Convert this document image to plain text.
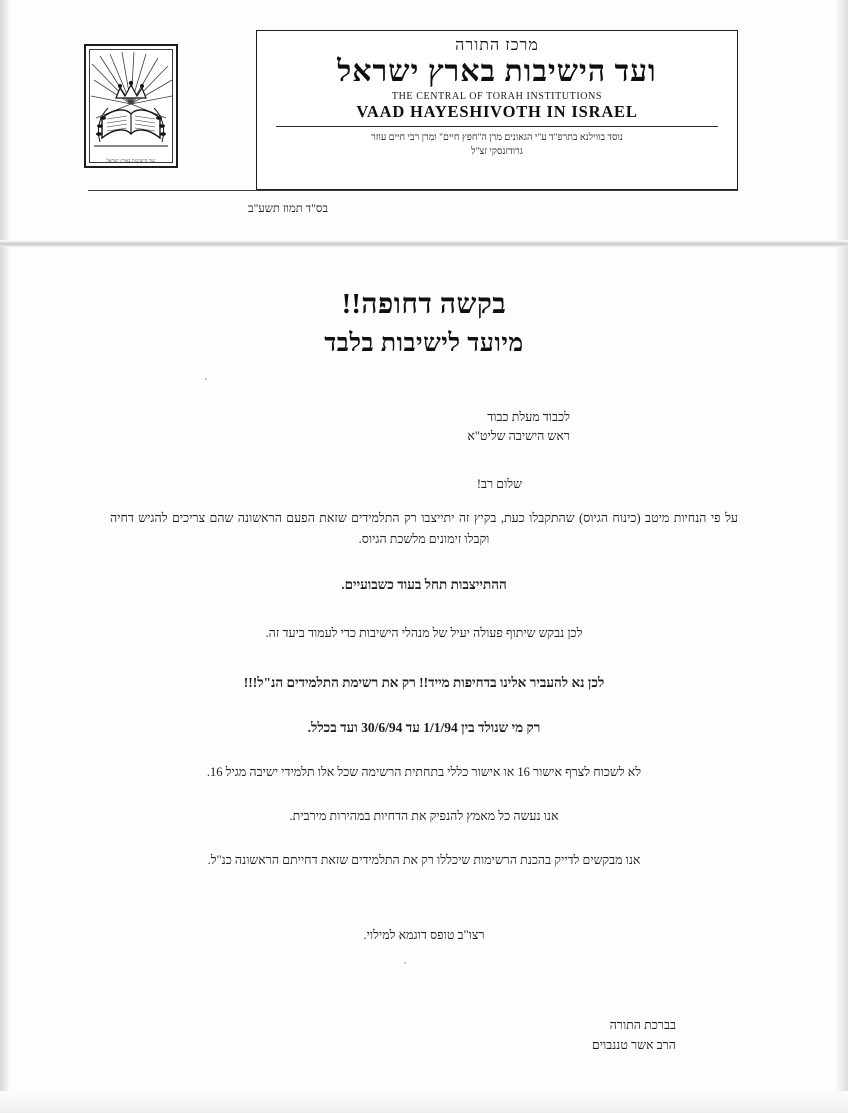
ועד הישיבות בארץ ישראל
מרכז התורה
ועד הישיבות בארץ ישראל
THE CENTRAL OF TORAH INSTITUTIONS
VAAD HAYESHIVOTH IN ISRAEL
נוסד בווילנא בתרפ"ד ע"י הגאונים מרן ה"חפץ חיים" ומרן רבי חיים עוזר
גרודזנסקי זצ"ל
בס"ד תמוז תשע"ב
בקשה דחופה!!
מיועד לישיבות בלבד
לכבוד מעלת כבוד
ראש הישיבה שליט"א
שלום רב!
על פי הנחיות מיטב (כינוח הגיוס) שהתקבלו כעת, בקיץ זה יתייצבו רק התלמידים שזאת הפעם הראשונה שהם צריכים להגיש דחיה וקבלו זימונים מלשכת הגיוס.
ההתייצבות תחל בעוד כשבועיים.
לכן נבקש שיתוף פעולה יעיל של מנהלי הישיבות כדי לעמוד ביעד זה.
לכן נא להעביר אלינו בדחיפות מייד!! רק את רשימת התלמידים הנ"ל!!!
רק מי שנולד בין 1/1/94 עד 30/6/94 ועד בכלל.
לא לשכוח לצרף אישור 16 או אישור כללי בתחתית הרשימה שכל אלו תלמידי ישיבה מגיל 16.
אנו נעשה כל מאמץ להנפיק את הדחיות במהירות מירבית.
אנו מבקשים לדייק בהכנת הרשימות שיכללו רק את התלמידים שזאת דחייתם הראשונה כנ"ל.
רצו"ב טופס דוגמא למילוי.
בברכת התורה
הרב אשר טננבוים
